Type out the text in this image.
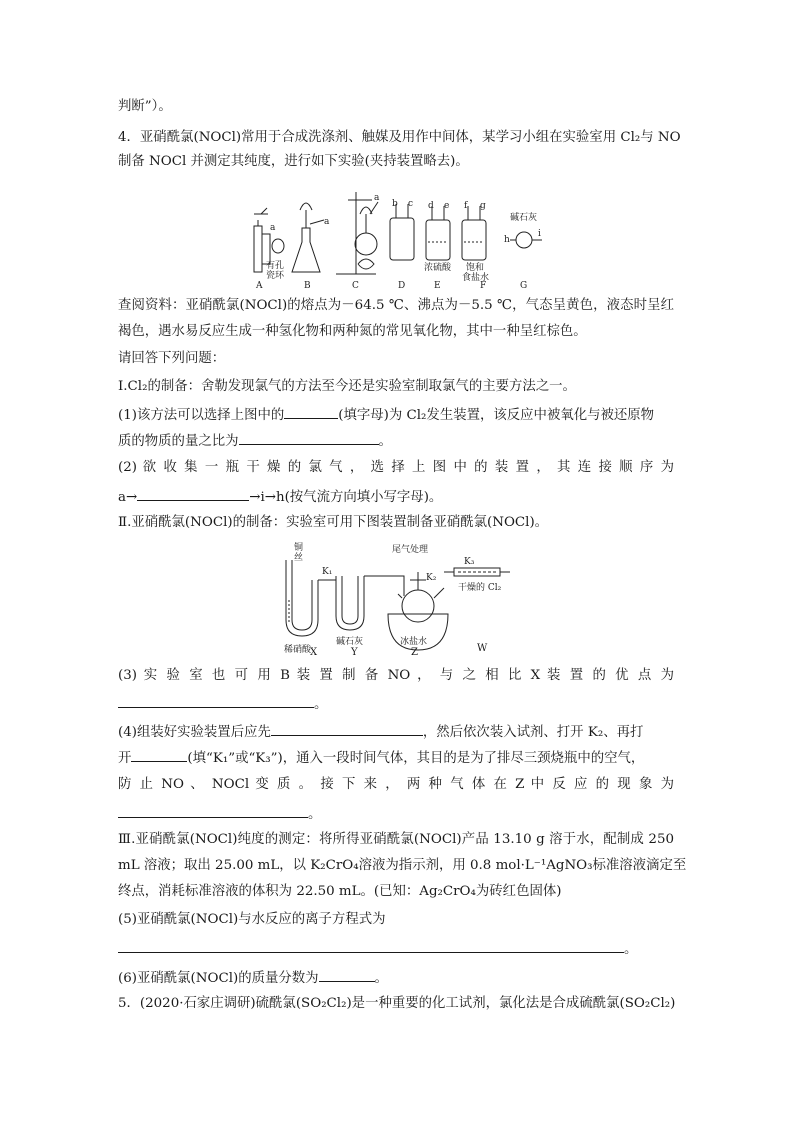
判断”）。
4．亚硝酰氯(NOCl)常用于合成洗涤剂、触媒及用作中间体，某学习小组在实验室用 Cl₂与 NO
制备 NOCl 并测定其纯度，进行如下实验(夹持装置略去)。
a
a
a
b c d e f g
h
i
有孔
瓷环
浓硫酸 饱和
食盐水
碱石灰
A	B	C	D	E	F	G
查阅资料：亚硝酰氯(NOCl)的熔点为－64.5 ℃、沸点为－5.5 ℃，气态呈黄色，液态时呈红
褐色，遇水易反应生成一种氢化物和两种氮的常见氧化物，其中一种呈红棕色。
请回答下列问题：
Ⅰ.Cl₂的制备：舍勒发现氯气的方法至今还是实验室制取氯气的主要方法之一。
(1)该方法可以选择上图中的	(填字母)为 Cl₂发生装置，该反应中被氧化与被还原物
质的物质的量之比为	。
(2) 欲 收 集 一 瓶 干 燥 的 氯 气 ， 选 择 上 图 中 的 装 置 ， 其 连 接 顺 序 为
a→	→i→h(按气流方向填小写字母)。
Ⅱ.亚硝酰氯(NOCl)的制备：实验室可用下图装置制备亚硝酰氯(NOCl)。
铜
丝
K₁
K₂
K₃
尾气处理
稀硝酸
碱石灰	冰盐水
干燥的 Cl₂
X	Y	Z	W
(3) 实 验 室 也 可 用 B 装 置 制 备 NO ， 与 之 相 比 X 装 置 的 优 点 为
。
(4)组装好实验装置后应先	，然后依次装入试剂、打开 K₂、再打
开	(填“K₁”或“K₃”)，通入一段时间气体，其目的是为了排尽三颈烧瓶中的空气，
防 止 NO 、 NOCl 变 质 。 接 下 来 ， 两 种 气 体 在 Z 中 反 应 的 现 象 为
。
Ⅲ.亚硝酰氯(NOCl)纯度的测定：将所得亚硝酰氯(NOCl)产品 13.10 g 溶于水，配制成 250
mL 溶液；取出 25.00 mL，以 K₂CrO₄溶液为指示剂，用 0.8 mol·L⁻¹AgNO₃标准溶液滴定至
终点，消耗标准溶液的体积为 22.50 mL。(已知：Ag₂CrO₄为砖红色固体)
(5)亚硝酰氯(NOCl)与水反应的离子方程式为
。
(6)亚硝酰氯(NOCl)的质量分数为	。
5．(2020·石家庄调研)硫酰氯(SO₂Cl₂)是一种重要的化工试剂，氯化法是合成硫酰氯(SO₂Cl₂)
